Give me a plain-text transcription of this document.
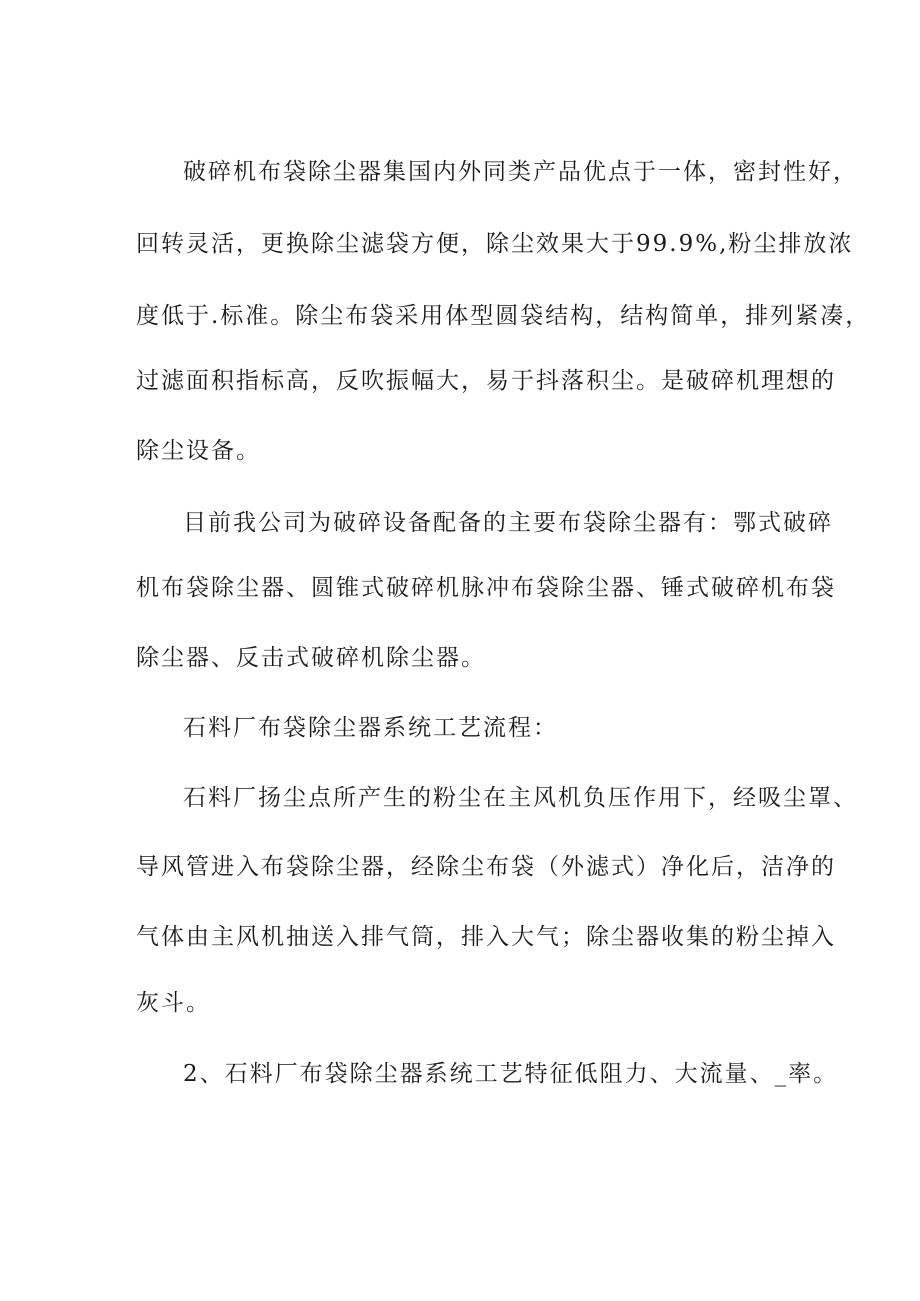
破碎机布袋除尘器集国内外同类产品优点于一体，密封性好，

回转灵活，更换除尘滤袋方便，除尘效果大于99.9%,粉尘排放浓

度低于.标准。除尘布袋采用体型圆袋结构，结构简单，排列紧凑，

过滤面积指标高，反吹振幅大，易于抖落积尘。是破碎机理想的

除尘设备。

目前我公司为破碎设备配备的主要布袋除尘器有：鄂式破碎

机布袋除尘器、圆锥式破碎机脉冲布袋除尘器、锤式破碎机布袋

除尘器、反击式破碎机除尘器。

石料厂布袋除尘器系统工艺流程：

石料厂扬尘点所产生的粉尘在主风机负压作用下，经吸尘罩、

导风管进入布袋除尘器，经除尘布袋（外滤式）净化后，洁净的

气体由主风机抽送入排气筒，排入大气；除尘器收集的粉尘掉入

灰斗。

2、石料厂布袋除尘器系统工艺特征低阻力、大流量、_率。
